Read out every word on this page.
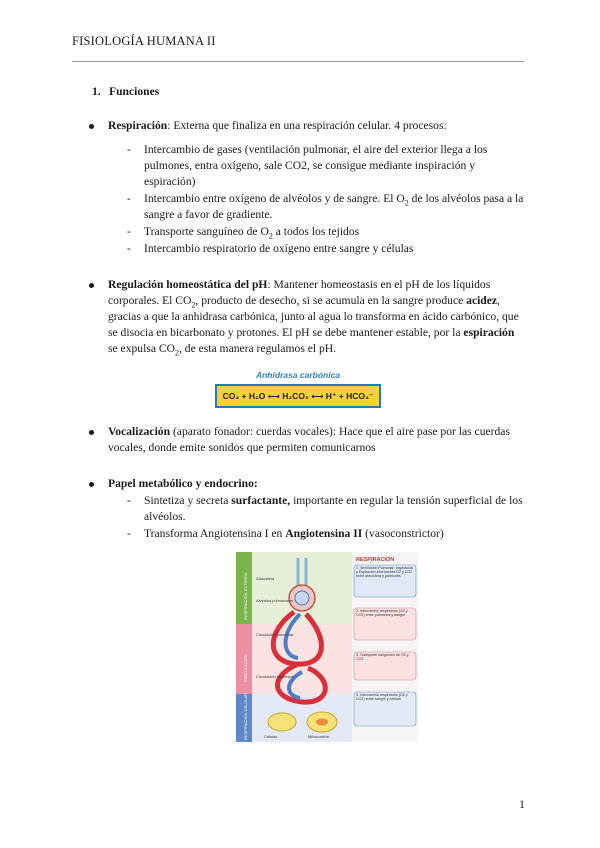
FISIOLOGÍA HUMANA II
1. Funciones
Respiración: Externa que finaliza en una respiración celular. 4 procesos:
- Intercambio de gases (ventilación pulmonar, el aire del exterior llega a los pulmones, entra oxígeno, sale CO2, se consigue mediante inspiración y espiración)
- Intercambio entre oxígeno de alvéolos y de sangre. El $O_2$ de los alvéolos pasa a la sangre a favor de gradiente.
- Transporte sanguíneo de $O_2$ a todos los tejidos
- Intercambio respiratorio de oxígeno entre sangre y células
Regulación homeostática del pH: Mantener homeostasis en el pH de los líquidos corporales. El $CO_2$, producto de desecho, si se acumula en la sangre produce acidez, gracias a que la anhidrasa carbónica, junto al agua lo transforma en ácido carbónico, que se disocia en bicarbonato y protones. El pH se debe mantener estable, por la espiración se expulsa $CO_2$, de esta manera regulamos el pH.
Anhidrasa carbónica
CO₂ + H₂O ⟷ H₂CO₃ ⟷ H⁺ + HCO₃⁻
Vocalización (aparato fonador: cuerdas vocales): Hace que el aire pase por las cuerdas vocales, donde emite sonidos que permiten comunicarnos
Papel metabólico y endocrino:
- Sintetiza y secreta surfactante, importante en regular la tensión superficial de los alvéolos.
- Transforma Angiotensina I en Angiotensina II (vasoconstrictor)
RESPIRACIÓN EXTERNA
CIRCULACIÓN
RESPIRACIÓN CELULAR
Atmósfera
Alvéolos pulmonares
Circulación pulmonar
Circulación sistémica
Mitocondria
Células
RESPIRACIÓN
1. Ventilación Pulmonar: Inspiración y Espiración intercambio O2 y CO2 entre atmósfera y pulmones
2. Intercambio respiratorio (O2 y CO2) entre pulmones y sangre
3. Transporte sanguíneo de O2 y CO2
4. Intercambio respiratorio (O2 y CO2) entre sangre y células
1
